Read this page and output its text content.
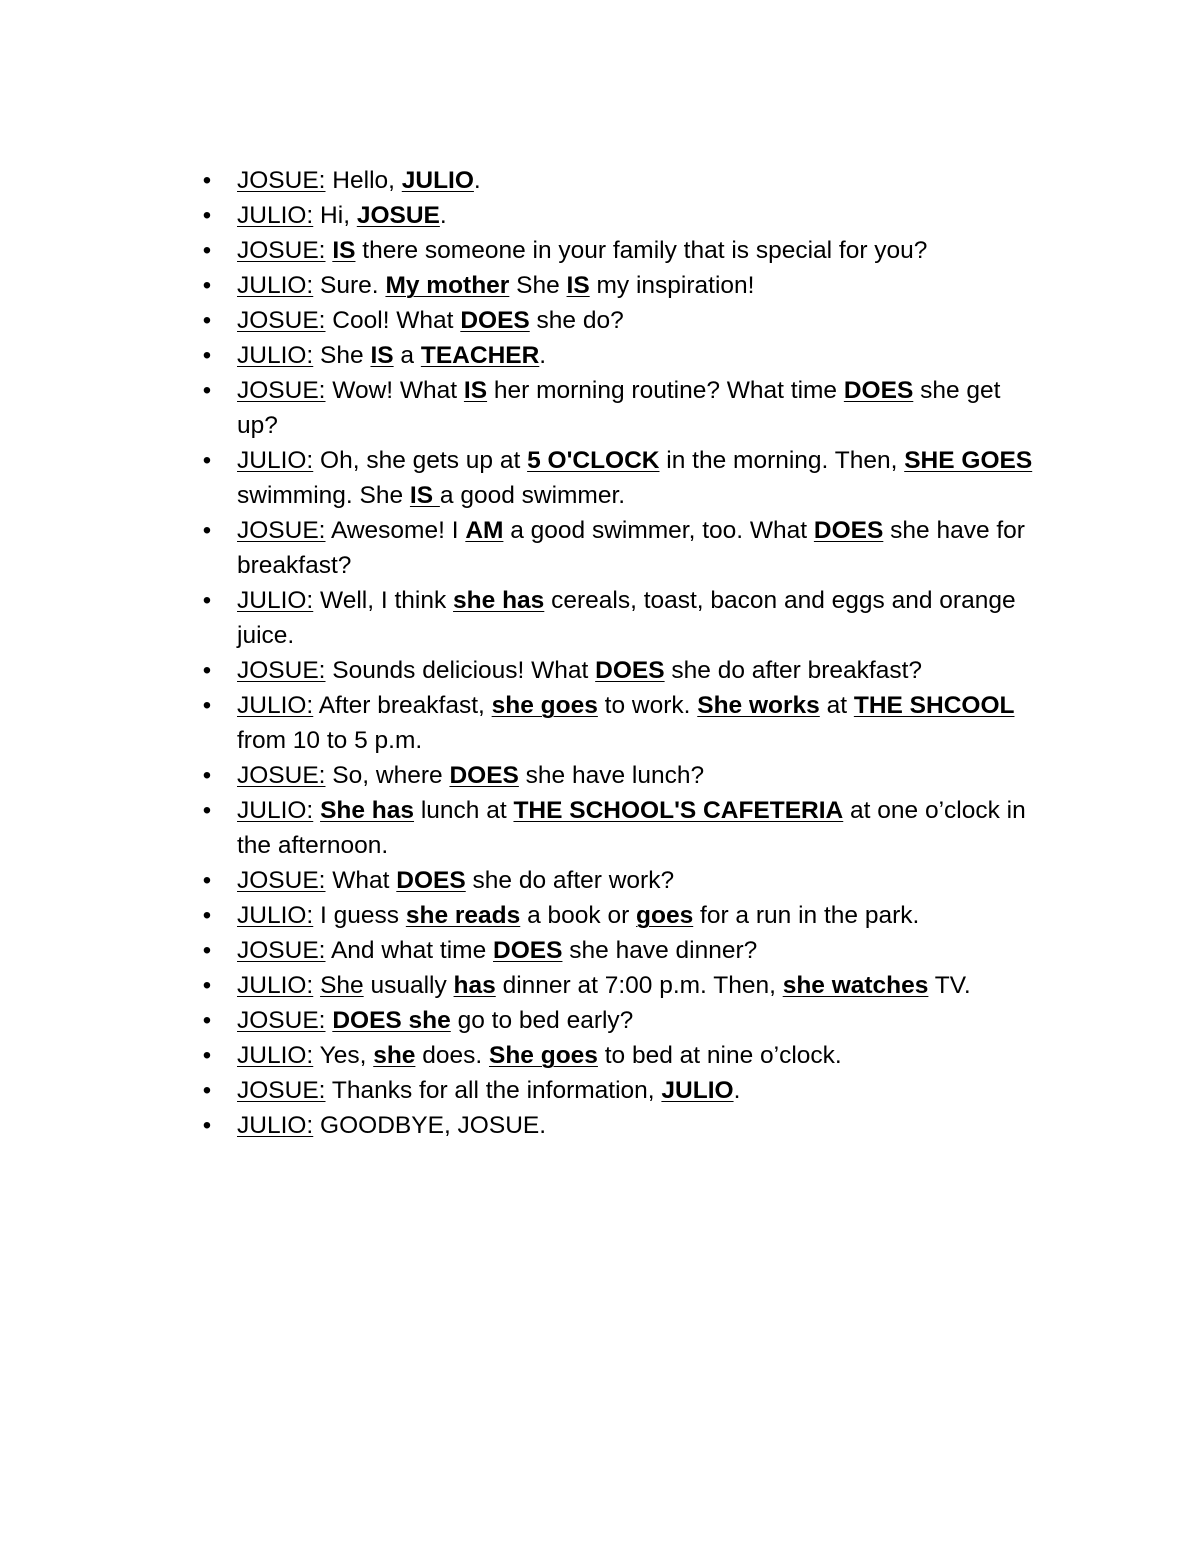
• JOSUE: Hello, JULIO.
• JULIO: Hi, JOSUE.
• JOSUE: IS there someone in your family that is special for you?
• JULIO: Sure. My mother She IS my inspiration!
• JOSUE: Cool! What DOES she do?
• JULIO: She IS a TEACHER.
• JOSUE: Wow! What IS her morning routine? What time DOES she get up?
• JULIO: Oh, she gets up at 5 O'CLOCK in the morning. Then, SHE GOES swimming. She IS a good swimmer.
• JOSUE: Awesome! I AM a good swimmer, too. What DOES she have for breakfast?
• JULIO: Well, I think she has cereals, toast, bacon and eggs and orange juice.
• JOSUE: Sounds delicious! What DOES she do after breakfast?
• JULIO: After breakfast, she goes to work. She works at THE SHCOOL from 10 to 5 p.m.
• JOSUE: So, where DOES she have lunch?
• JULIO: She has lunch at THE SCHOOL'S CAFETERIA at one o’clock in the afternoon.
• JOSUE: What DOES she do after work?
• JULIO: I guess she reads a book or goes for a run in the park.
• JOSUE: And what time DOES she have dinner?
• JULIO: She usually has dinner at 7:00 p.m. Then, she watches TV.
• JOSUE: DOES she go to bed early?
• JULIO: Yes, she does. She goes to bed at nine o’clock.
• JOSUE: Thanks for all the information, JULIO.
• JULIO: GOODBYE, JOSUE.
